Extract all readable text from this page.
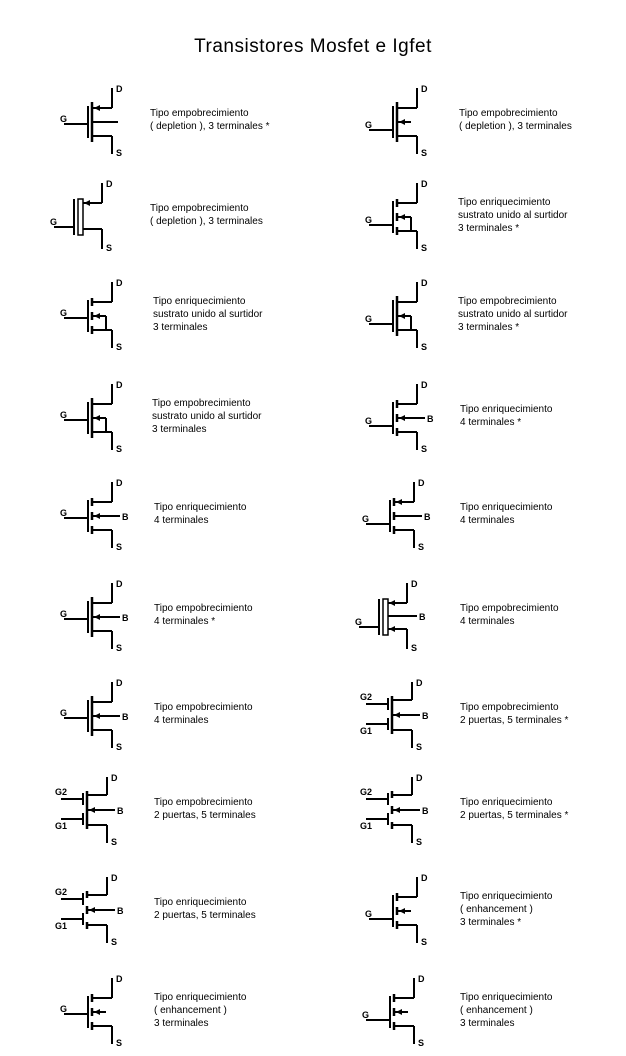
Transistores Mosfet e Igfet
G
D
S
Tipo empobrecimiento
( depletion ), 3 terminales *	G
D
S
Tipo empobrecimiento
( depletion ), 3 terminales
G
D
S
Tipo empobrecimiento
( depletion ), 3 terminales	G
D
S
Tipo enriquecimiento
sustrato unido al surtidor
3 terminales *
G
D
S
Tipo enriquecimiento
sustrato unido al surtidor
3 terminales
G
D
S
Tipo empobrecimiento
sustrato unido al surtidor
3 terminales *
G
D
S
Tipo empobrecimiento
sustrato unido al surtidor
3 terminales
G
D
S
B
Tipo enriquecimiento
4 terminales *
G
D
S
B
Tipo enriquecimiento
4 terminales	G
D
S
B
Tipo enriquecimiento
4 terminales
G
D
S
B
Tipo empobrecimiento
4 terminales *	G
D
S
B
Tipo empobrecimiento
4 terminales
G
D
S
B
Tipo empobrecimiento
4 terminales
G2
G1
D
S
B
Tipo empobrecimiento
2 puertas, 5 terminales *
G2
G1
D
S
B
Tipo empobrecimiento
2 puertas, 5 terminales
G2
G1
D
S
B
Tipo enriquecimiento
2 puertas, 5 terminales *
G2
G1
D
S
B
Tipo enriquecimiento
2 puertas, 5 terminales	G
D
S
Tipo enriquecimiento
( enhancement )
3 terminales *
G
D
S
Tipo enriquecimiento
( enhancement )
3 terminales
G
D
S
Tipo enriquecimiento
( enhancement )
3 terminales
